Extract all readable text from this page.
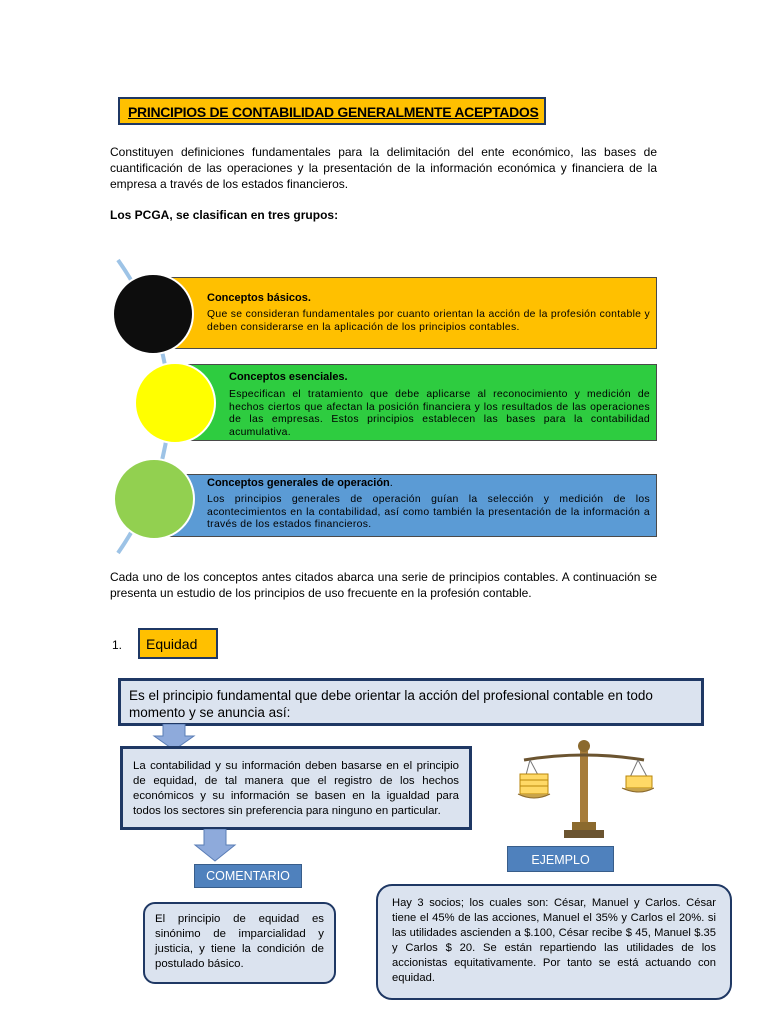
PRINCIPIOS DE CONTABILIDAD GENERALMENTE ACEPTADOS
Constituyen definiciones fundamentales para la delimitación del ente económico, las bases de cuantificación de las operaciones y la presentación de la información económica y financiera de la empresa a través de los estados financieros.
Los PCGA, se clasifican en tres grupos:
Conceptos básicos.
Que se consideran fundamentales por cuanto orientan la acción de la profesión contable y deben considerarse en la aplicación de los principios contables.
Conceptos esenciales.
Especifican el tratamiento que debe aplicarse al reconocimiento y medición de hechos ciertos que afectan la posición financiera y los resultados de las operaciones de las empresas. Estos principios establecen las bases para la contabilidad acumulativa.
Conceptos generales de operación.
Los principios generales de operación guían la selección y medición de los acontecimientos en la contabilidad, así como también la presentación de la información a través de los estados financieros.
Cada uno de los conceptos antes citados abarca una serie de principios contables. A continuación se presenta un estudio de los principios de uso frecuente en la profesión contable.
1. Equidad
Es el principio fundamental que debe orientar la acción del profesional contable en todo momento y se anuncia así:
La contabilidad y su información deben basarse en el principio de equidad, de tal manera que el registro de los hechos económicos y su información se basen en la igualdad para todos los sectores sin preferencia para ninguno en particular.
COMENTARIO
El principio de equidad es sinónimo de imparcialidad y justicia, y tiene la condición de postulado básico.
EJEMPLO
Hay 3 socios; los cuales son: César, Manuel y Carlos. César tiene el 45% de las acciones, Manuel el 35% y Carlos el 20%. si las utilidades ascienden a $.100, César recibe $ 45, Manuel $.35 y Carlos $ 20. Se están repartiendo las utilidades de los accionistas equitativamente. Por tanto se está actuando con equidad.
